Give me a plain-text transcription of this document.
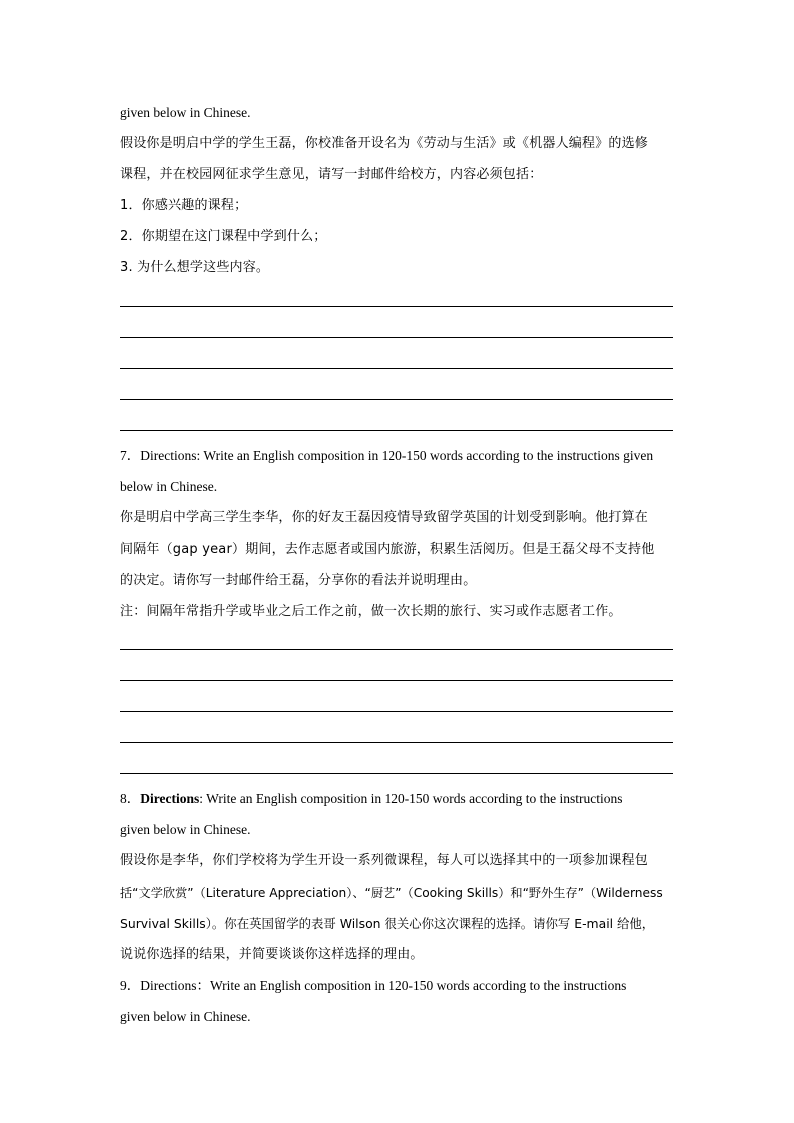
given below in Chinese.
假设你是明启中学的学生王磊，你校准备开设名为《劳动与生活》或《机器人编程》的选修
课程，并在校园网征求学生意见，请写一封邮件给校方，内容必须包括：
1．你感兴趣的课程；
2．你期望在这门课程中学到什么；
3. 为什么想学这些内容。
7．Directions: Write an English composition in 120-150 words according to the instructions given
below in Chinese.
你是明启中学高三学生李华，你的好友王磊因疫情导致留学英国的计划受到影响。他打算在
间隔年（gap year）期间，去作志愿者或国内旅游，积累生活阅历。但是王磊父母不支持他
的决定。请你写一封邮件给王磊，分享你的看法并说明理由。
注：间隔年常指升学或毕业之后工作之前，做一次长期的旅行、实习或作志愿者工作。
8．Directions: Write an English composition in 120-150 words according to the instructions
given below in Chinese.
假设你是李华，你们学校将为学生开设一系列微课程，每人可以选择其中的一项参加课程包
括“文学欣赏”（Literature Appreciation）、“厨艺”（Cooking Skills）和“野外生存”（Wilderness
Survival Skills）。你在英国留学的表哥 Wilson 很关心你这次课程的选择。请你写 E-mail 给他，
说说你选择的结果，并简要谈谈你这样选择的理由。
9．Directions：Write an English composition in 120-150 words according to the instructions
given below in Chinese.
